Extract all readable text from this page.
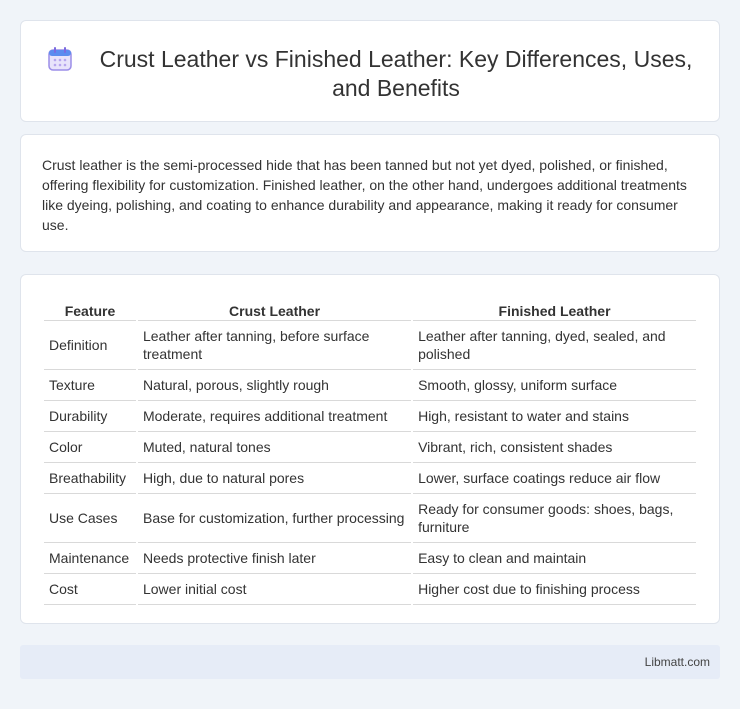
Crust Leather vs Finished Leather: Key Differences, Uses, and Benefits

Crust leather is the semi-processed hide that has been tanned but not yet dyed, polished, or finished, offering flexibility for customization. Finished leather, on the other hand, undergoes additional treatments like dyeing, polishing, and coating to enhance durability and appearance, making it ready for consumer use.

Feature	Crust Leather	Finished Leather
Definition	Leather after tanning, before surface treatment	Leather after tanning, dyed, sealed, and polished
Texture	Natural, porous, slightly rough	Smooth, glossy, uniform surface
Durability	Moderate, requires additional treatment	High, resistant to water and stains
Color	Muted, natural tones	Vibrant, rich, consistent shades
Breathability	High, due to natural pores	Lower, surface coatings reduce air flow
Use Cases	Base for customization, further processing	Ready for consumer goods: shoes, bags, furniture
Maintenance	Needs protective finish later	Easy to clean and maintain
Cost	Lower initial cost	Higher cost due to finishing process
Libmatt.com
